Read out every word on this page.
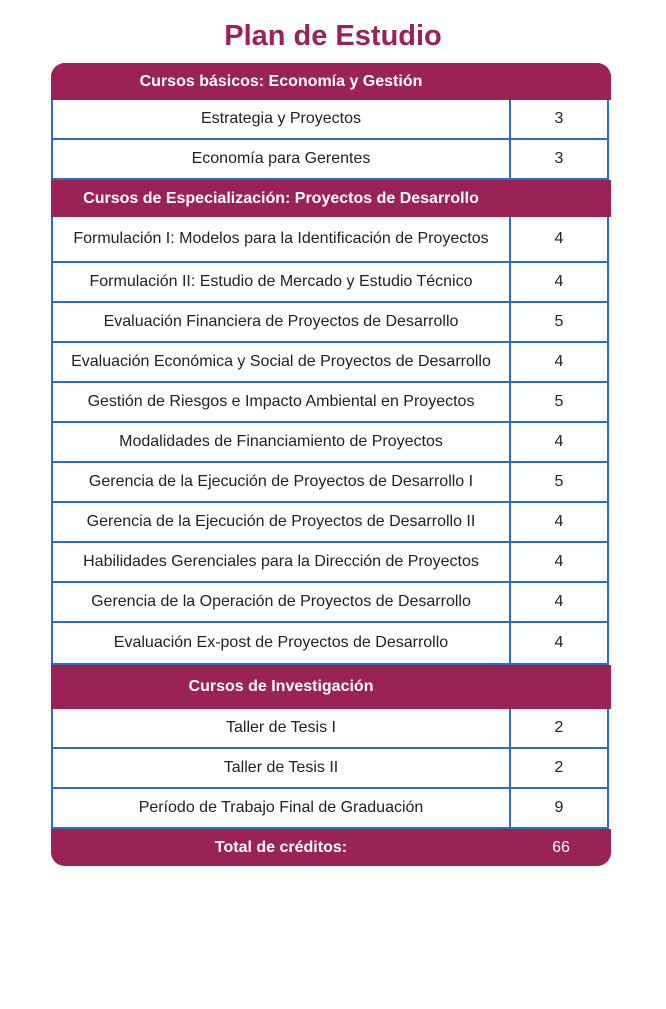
Plan de Estudio
Cursos básicos: Economía y Gestión
Estrategia y Proyectos	3
Economía para Gerentes	3
Cursos de Especialización: Proyectos de Desarrollo
Formulación I: Modelos para la Identificación de Proyectos	4
Formulación II: Estudio de Mercado y Estudio Técnico	4
Evaluación Financiera de Proyectos de Desarrollo	5
Evaluación Económica y Social de Proyectos de Desarrollo	4
Gestión de Riesgos e Impacto Ambiental en Proyectos	5
Modalidades de Financiamiento de Proyectos	4
Gerencia de la Ejecución de Proyectos de Desarrollo I	5
Gerencia de la Ejecución de Proyectos de Desarrollo II	4
Habilidades Gerenciales para la Dirección de Proyectos	4
Gerencia de la Operación de Proyectos de Desarrollo	4
Evaluación Ex-post de Proyectos de Desarrollo	4
Cursos de Investigación
Taller de Tesis I	2
Taller de Tesis II	2
Período de Trabajo Final de Graduación	9
Total de créditos:	66
